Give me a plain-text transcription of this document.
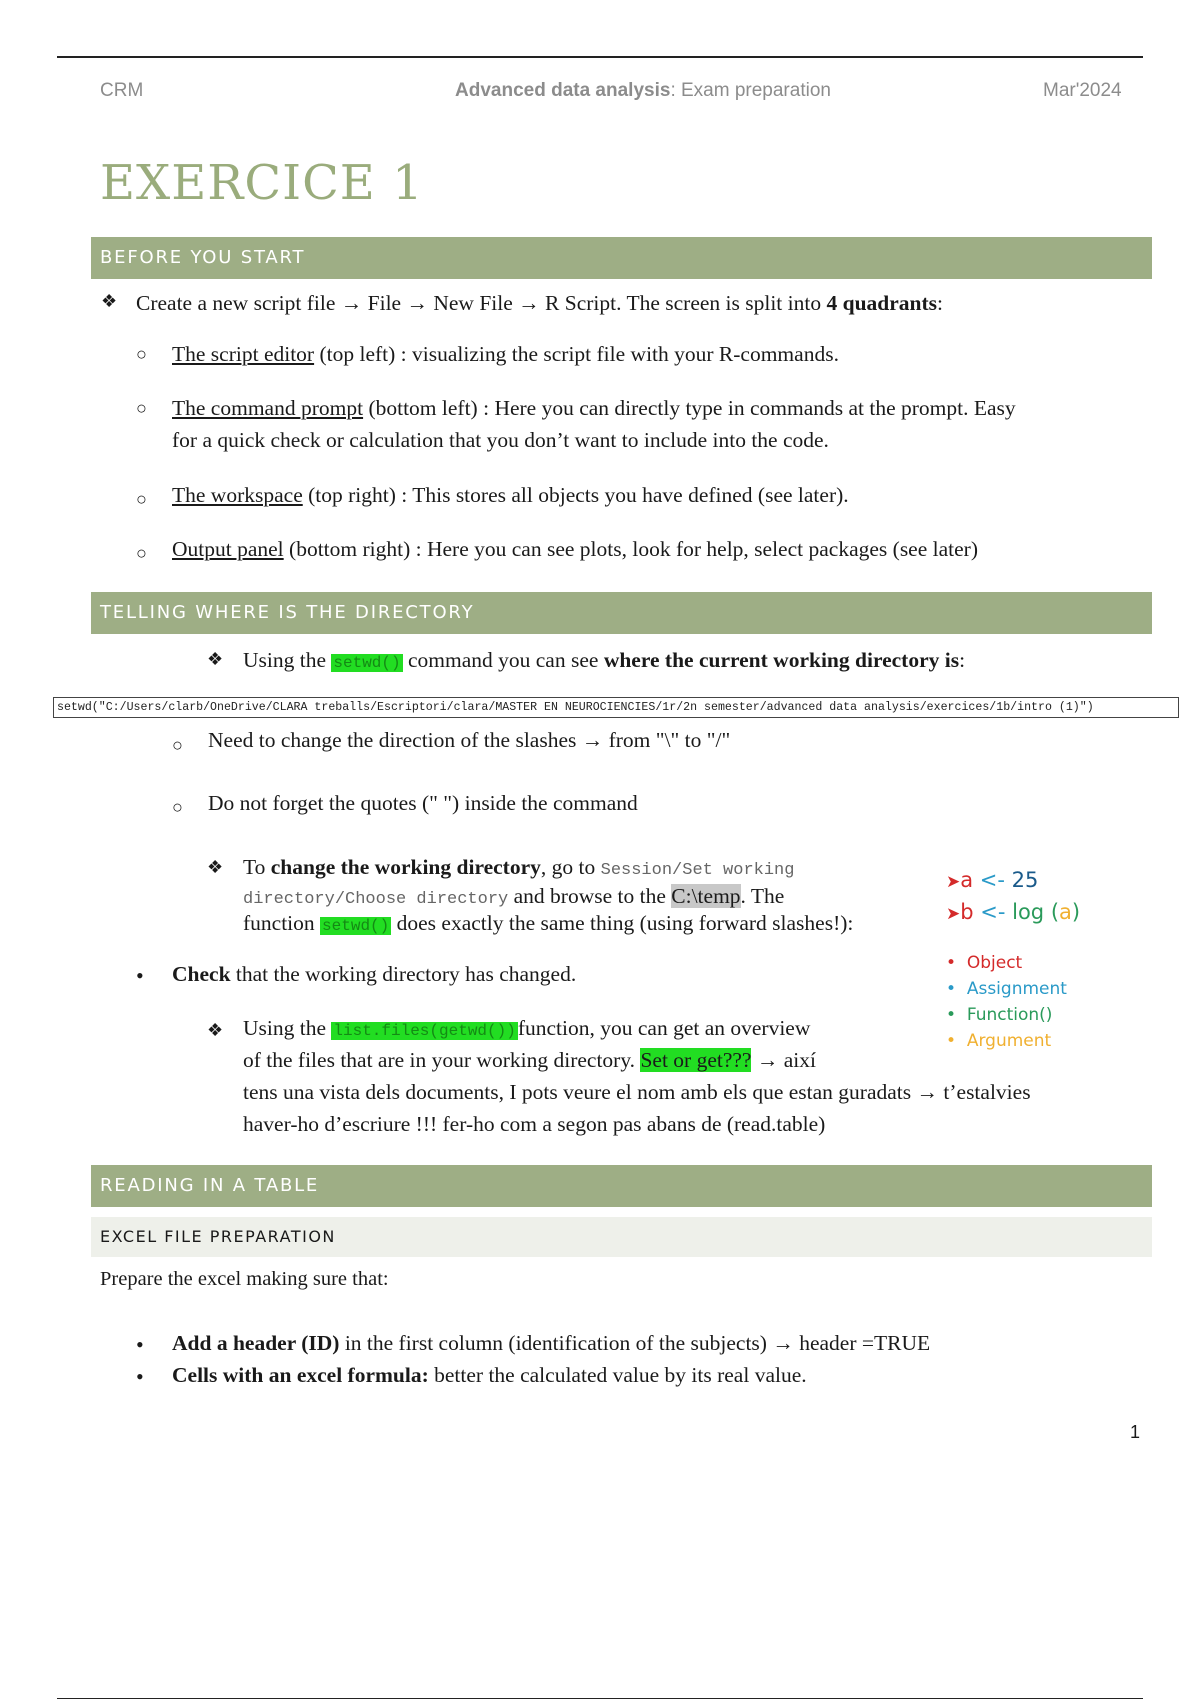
CRM	Advanced data analysis: Exam preparation	Mar'2024
EXERCICE 1
BEFORE YOU START
❖ Create a new script file → File → New File → R Script. The screen is split into 4 quadrants:
○ The script editor (top left) : visualizing the script file with your R-commands.
○ The command prompt (bottom left) : Here you can directly type in commands at the prompt. Easy
for a quick check or calculation that you don’t want to include into the code.
○ The workspace (top right) : This stores all objects you have defined (see later).
○ Output panel (bottom right) : Here you can see plots, look for help, select packages (see later)
TELLING WHERE IS THE DIRECTORY
❖ Using the setwd() command you can see where the current working directory is:
setwd("C:/Users/clarb/OneDrive/CLARA treballs/Escriptori/clara/MASTER EN NEUROCIENCIES/1r/2n semester/advanced data analysis/exercices/1b/intro (1)")
○ Need to change the direction of the slashes → from "\" to "/"
○ Do not forget the quotes (" ") inside the command
❖ To change the working directory, go to Session/Set working
directory/Choose directory and browse to the C:\temp. The
function setwd() does exactly the same thing (using forward slashes!):
• Check that the working directory has changed.
❖ Using the list.files(getwd())function, you can get an overview
of the files that are in your working directory. Set or get??? → així
tens una vista dels documents, I pots veure el nom amb els que estan guradats → t’estalvies
haver-ho d’escriure !!! fer-ho com a segon pas abans de (read.table)
➤a <- 25
➤b <- log (a)
• Object
• Assignment
• Function()
• Argument
READING IN A TABLE
EXCEL FILE PREPARATION
Prepare the excel making sure that:
• Add a header (ID) in the first column (identification of the subjects) → header =TRUE
• Cells with an excel formula: better the calculated value by its real value.
1
